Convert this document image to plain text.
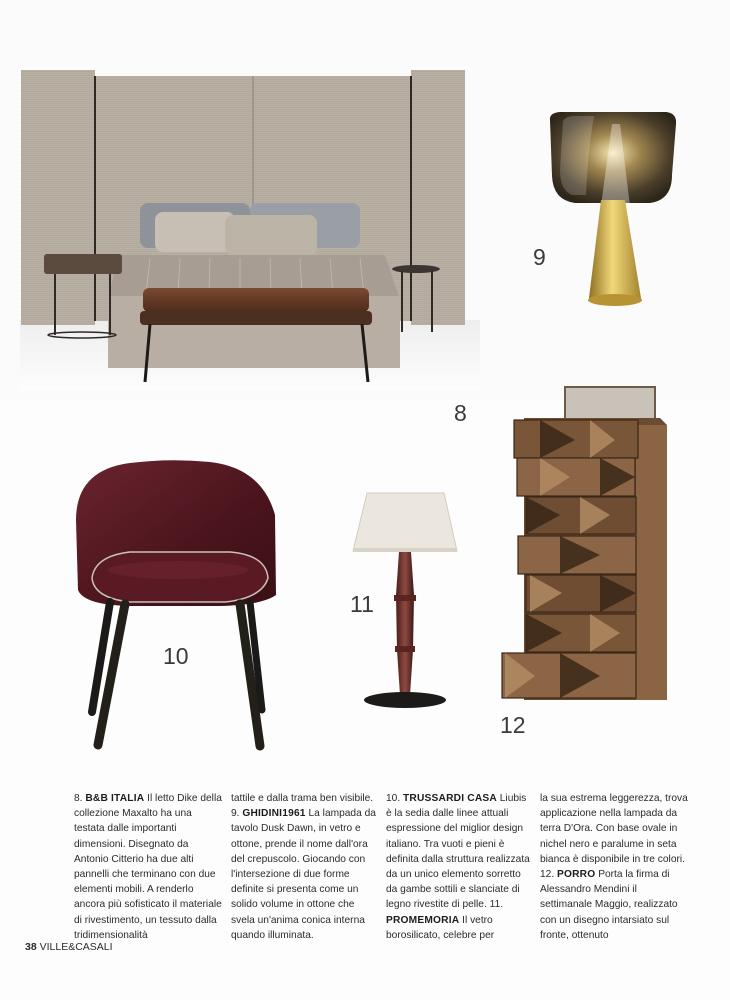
8
9
10
11
12

8. B&B ITALIA Il letto Dike della collezione Maxalto ha una testata dalle importanti dimensioni. Disegnato da Antonio Citterio ha due alti pannelli che terminano con due elementi mobili. A renderlo ancora più sofisticato il materiale di rivestimento, un tessuto dalla tridimensionalità

tattile e dalla trama ben visibile.
9. GHIDINI1961 La lampada da tavolo Dusk Dawn, in vetro e ottone, prende il nome dall'ora del crepuscolo. Giocando con l'intersezione di due forme definite si presenta come un solido volume in ottone che svela un'anima conica interna quando illuminata.

10. TRUSSARDI CASA Liubis è la sedia dalle linee attuali espressione del miglior design italiano. Tra vuoti e pieni è definita dalla struttura realizzata da un unico elemento sorretto da gambe sottili e slanciate di legno rivestite di pelle. 11. PROMEMORIA Il vetro borosilicato, celebre per

la sua estrema leggerezza, trova applicazione nella lampada da terra D'Ora. Con base ovale in nichel nero e paralume in seta bianca è disponibile in tre colori. 12. PORRO Porta la firma di Alessandro Mendini il settimanale Maggio, realizzato con un disegno intarsiato sul fronte, ottenuto

38 VILLE&CASALI
